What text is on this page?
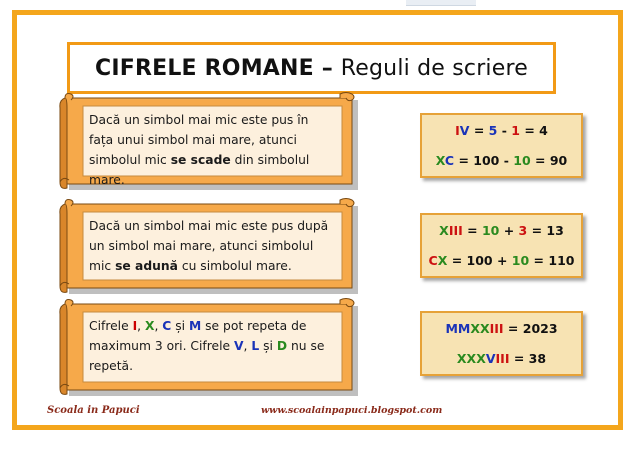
CIFRELE ROMANE – Reguli de scriere
Dacă un simbol mai mic este pus în fața unui simbol mai mare, atunci simbolul mic se scade din simbolul mare.
Dacă un simbol mai mic este pus după un simbol mai mare, atunci simbolul mic se adună cu simbolul mare.
Cifrele I, X, C și M se pot repeta de maximum 3 ori. Cifrele V, L și D nu se repetă.
IV = 5 - 1 = 4
XC = 100 - 10 = 90
XIII = 10 + 3 = 13
CX = 100 + 10 = 110
MMXXIII = 2023
XXXVIII = 38
Scoala in Papuci	www.scoalainpapuci.blogspot.com
